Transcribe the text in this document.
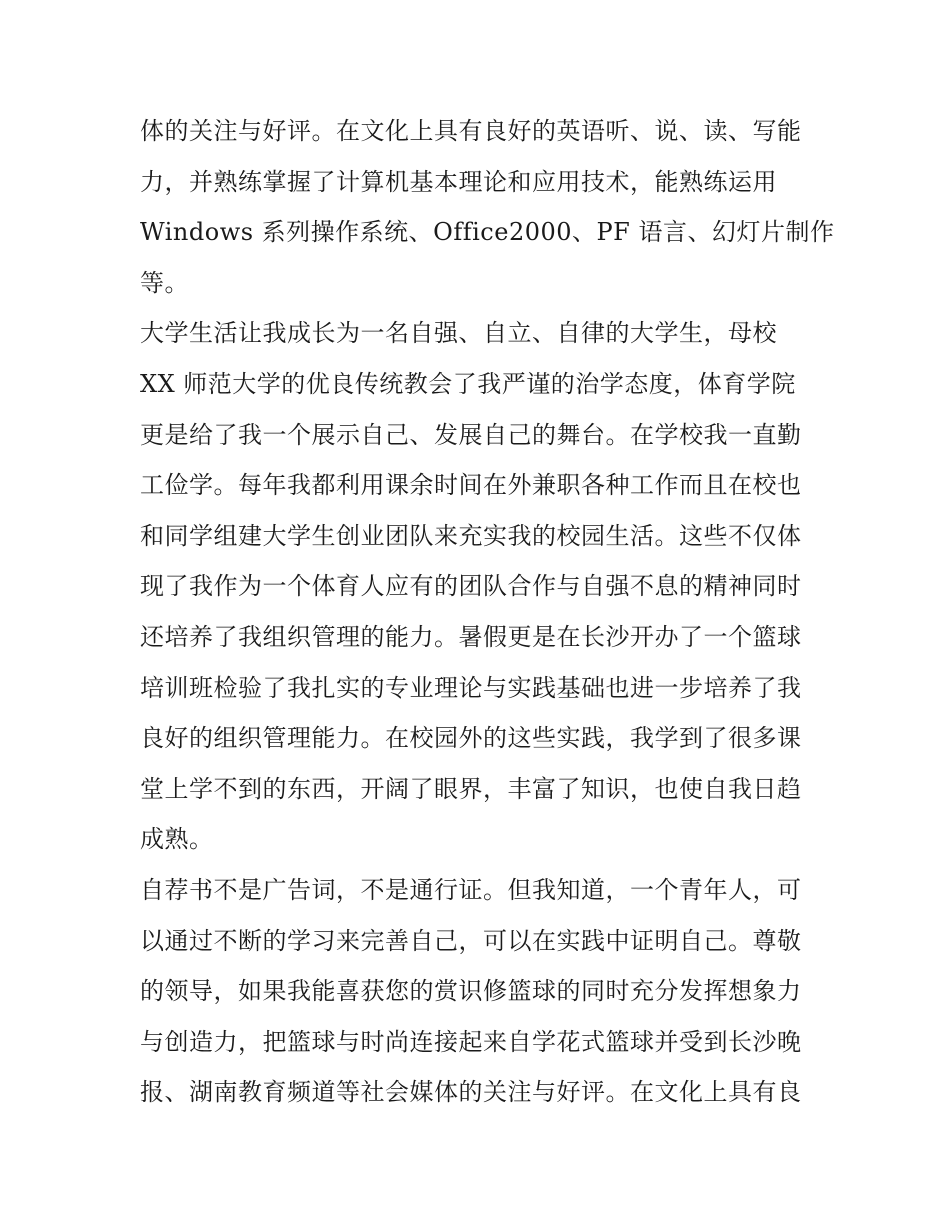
体的关注与好评。在文化上具有良好的英语听、说、读、写能
力，并熟练掌握了计算机基本理论和应用技术，能熟练运用
Windows 系列操作系统、Office2000、PF 语言、幻灯片制作
等。
大学生活让我成长为一名自强、自立、自律的大学生，母校
XX 师范大学的优良传统教会了我严谨的治学态度，体育学院
更是给了我一个展示自己、发展自己的舞台。在学校我一直勤
工俭学。每年我都利用课余时间在外兼职各种工作而且在校也
和同学组建大学生创业团队来充实我的校园生活。这些不仅体
现了我作为一个体育人应有的团队合作与自强不息的精神同时
还培养了我组织管理的能力。暑假更是在长沙开办了一个篮球
培训班检验了我扎实的专业理论与实践基础也进一步培养了我
良好的组织管理能力。在校园外的这些实践，我学到了很多课
堂上学不到的东西，开阔了眼界，丰富了知识，也使自我日趋
成熟。
自荐书不是广告词，不是通行证。但我知道，一个青年人，可
以通过不断的学习来完善自己，可以在实践中证明自己。尊敬
的领导，如果我能喜获您的赏识修篮球的同时充分发挥想象力
与创造力，把篮球与时尚连接起来自学花式篮球并受到长沙晚
报、湖南教育频道等社会媒体的关注与好评。在文化上具有良
